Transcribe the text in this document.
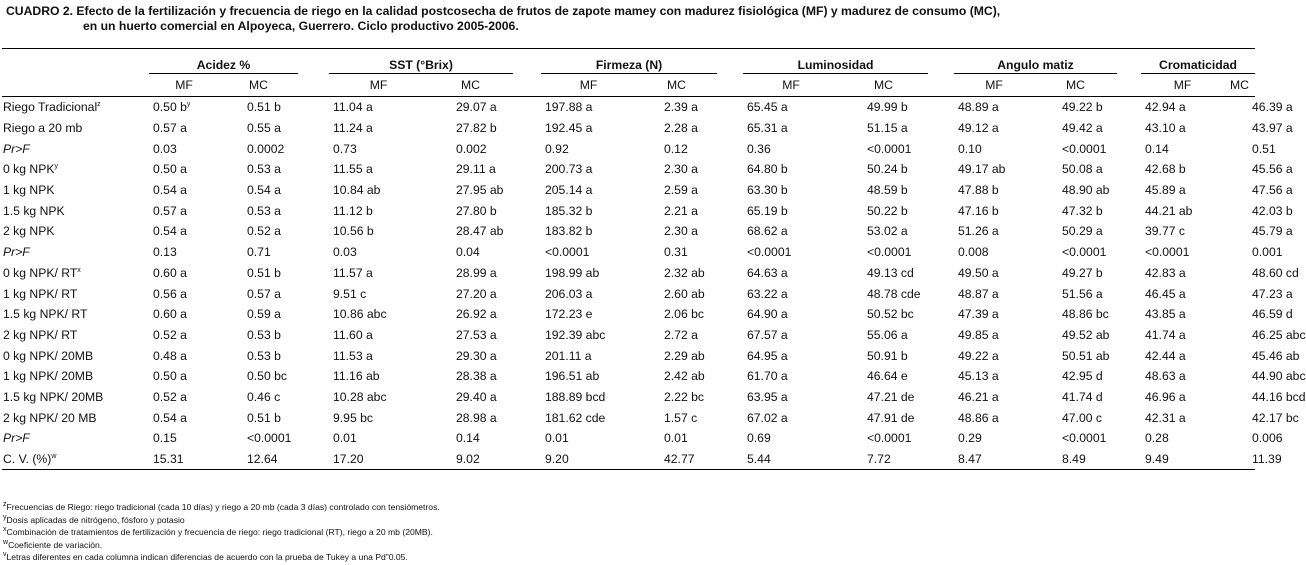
CUADRO 2. Efecto de la fertilización y frecuencia de riego en la calidad postcosecha de frutos de zapote mamey con madurez fisiológica (MF) y madurez de consumo (MC),
en un huerto comercial en Alpoyeca, Guerrero. Ciclo productivo 2005-2006.

		Acidez %			SST (°Brix)			Firmeza (N)			Luminosidad			Angulo matiz			Cromaticidad		
		MF	MC		MF	MC		MF	MC		MF	MC		MF	MC		MF	MC	
Riego Tradicional$^z$		0.50 $b^y$	0.51 b		11.04 a	29.07 a		197.88 a	2.39 a		65.45 a	49.99 b		48.89 a	49.22 b		42.94 a	46.39 a	
Riego a 20 mb		0.57 a	0.55 a		11.24 a	27.82 b		192.45 a	2.28 a		65.31 a	51.15 a		49.12 a	49.42 a		43.10 a	43.97 a	
Pr>F		0.03	0.0002		0.73	0.002		0.92	0.12		0.36	<0.0001		0.10	<0.0001		0.14	0.51	
0 kg NPK$^y$		0.50 a	0.53 a		11.55 a	29.11 a		200.73 a	2.30 a		64.80 b	50.24 b		49.17 ab	50.08 a		42.68 b	45.56 a	
1 kg NPK		0.54 a	0.54 a		10.84 ab	27.95 ab		205.14 a	2.59 a		63.30 b	48.59 b		47.88 b	48.90 ab		45.89 a	47.56 a	
1.5 kg NPK		0.57 a	0.53 a		11.12 b	27.80 b		185.32 b	2.21 a		65.19 b	50.22 b		47.16 b	47.32 b		44.21 ab	42.03 b	
2 kg NPK		0.54 a	0.52 a		10.56 b	28.47 ab		183.82 b	2.30 a		68.62 a	53.02 a		51.26 a	50.29 a		39.77 c	45.79 a	
Pr>F		0.13	0.71		0.03	0.04		<0.0001	0.31		<0.0001	<0.0001		0.008	<0.0001		<0.0001	0.001	
0 kg NPK/ $RT^x$		0.60 a	0.51 b		11.57 a	28.99 a		198.99 ab	2.32 ab		64.63 a	49.13 cd		49.50 a	49.27 b		42.83 a	48.60 cd	
1 kg NPK/ RT		0.56 a	0.57 a		9.51 c	27.20 a		206.03 a	2.60 ab		63.22 a	48.78 cde		48.87 a	51.56 a		46.45 a	47.23 a	
1.5 kg NPK/ RT		0.60 a	0.59 a		10.86 abc	26.92 a		172.23 e	2.06 bc		64.90 a	50.52 bc		47.39 a	48.86 bc		43.85 a	46.59 d	
2 kg NPK/ RT		0.52 a	0.53 b		11.60 a	27.53 a		192.39 abc	2.72 a		67.57 a	55.06 a		49.85 a	49.52 ab		41.74 a	46.25 abc	
0 kg NPK/ 20MB		0.48 a	0.53 b		11.53 a	29.30 a		201.11 a	2.29 ab		64.95 a	50.91 b		49.22 a	50.51 ab		42.44 a	45.46 ab	
1 kg NPK/ 20MB		0.50 a	0.50 bc		11.16 ab	28.38 a		196.51 ab	2.42 ab		61.70 a	46.64 e		45.13 a	42.95 d		48.63 a	44.90 abc	
1.5 kg NPK/ 20MB		0.52 a	0.46 c		10.28 abc	29.40 a		188.89 bcd	2.22 bc		63.95 a	47.21 de		46.21 a	41.74 d		46.96 a	44.16 bcd	
2 kg NPK/ 20 MB		0.54 a	0.51 b		9.95 bc	28.98 a		181.62 cde	1.57 c		67.02 a	47.91 de		48.86 a	47.00 c		42.31 a	42.17 bc	
Pr>F		0.15	<0.0001		0.01	0.14		0.01	0.01		0.69	<0.0001		0.29	<0.0001		0.28	0.006	
C. V. (%)$^w$		15.31	12.64		17.20	9.02		9.20	42.77		5.44	7.72		8.47	8.49		9.49	11.39	
$^z$Frecuencias de Riego: riego tradicional (cada 10 días) y riego a 20 mb (cada 3 días) controlado con tensiómetros.
$^y$Dosis aplicadas de nitrógeno, fósforo y potasio
$^x$Combinación de tratamientos de fertilización y frecuencia de riego: riego tradicional (RT), riego a 20 mb (20MB).
$^w$Coeficiente de variación.
$^v$Letras diferentes en cada columna indican diferencias de acuerdo con la prueba de Tukey a una Pd”0.05.
